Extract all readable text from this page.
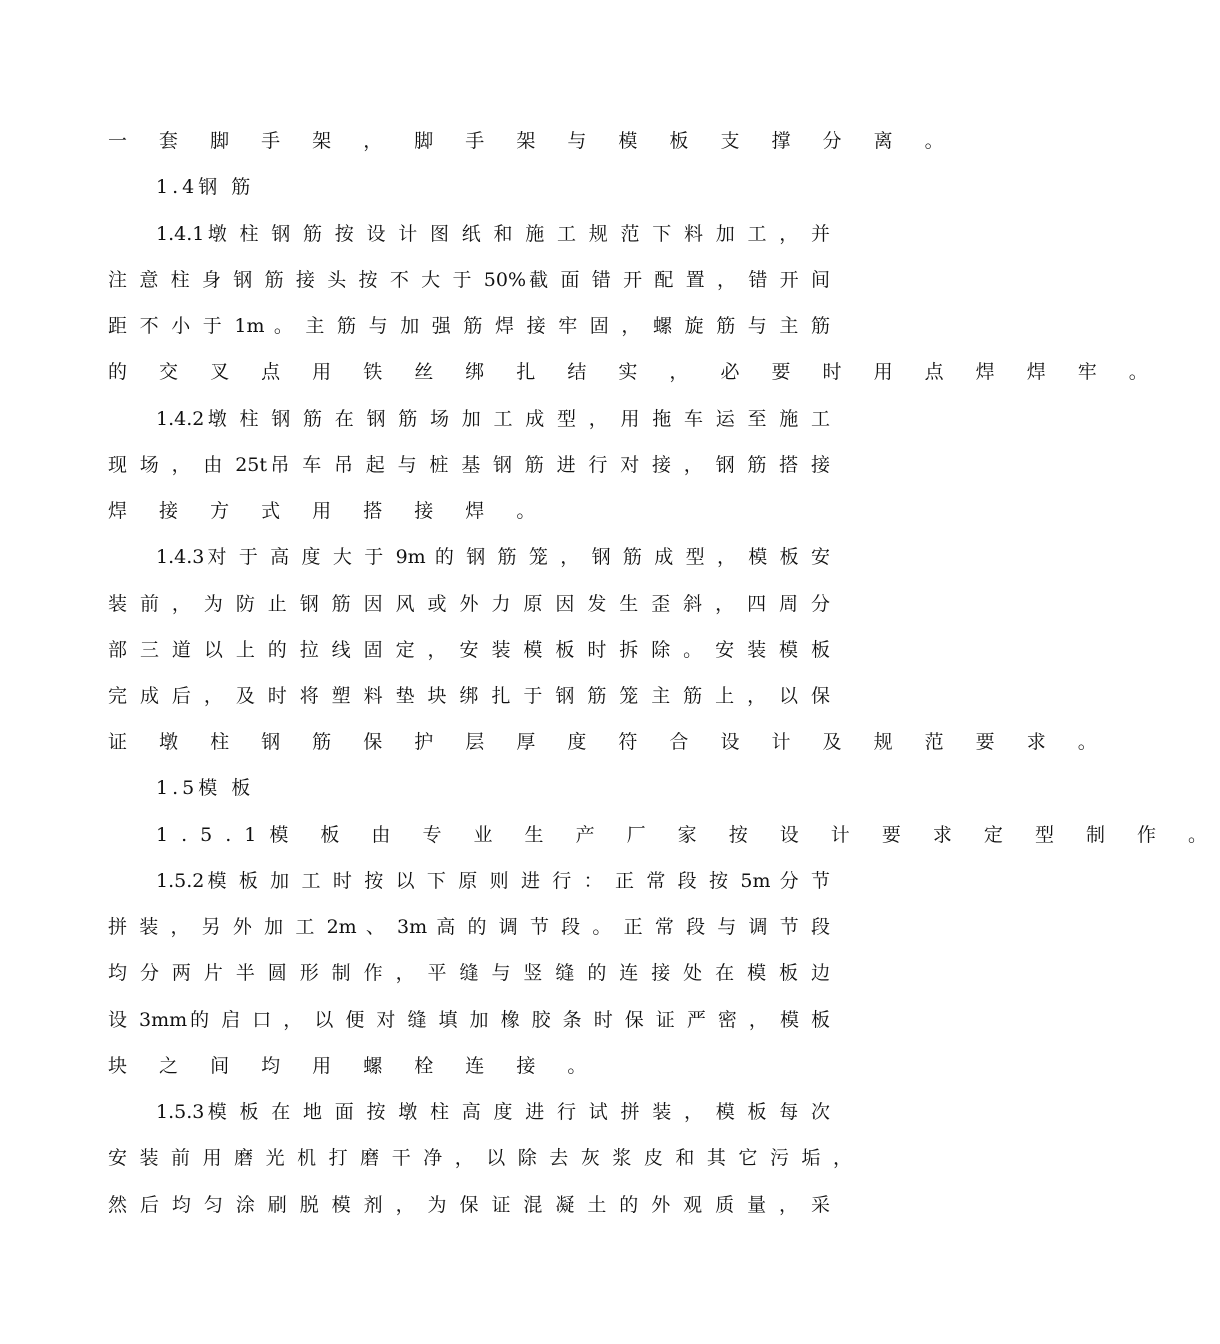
一 套 脚 手 架 ， 脚 手 架 与 模 板 支 撑 分 离 。
1.4钢 筋
1.4.1墩 柱 钢 筋 按 设 计 图 纸 和 施 工 规 范 下 料 加 工 ， 并
注 意 柱 身 钢 筋 接 头 按 不 大 于 50%截 面 错 开 配 置 ， 错 开 间
距 不 小 于 1m 。 主 筋 与 加 强 筋 焊 接 牢 固 ， 螺 旋 筋 与 主 筋
的 交 叉 点 用 铁 丝 绑 扎 结 实 ， 必 要 时 用 点 焊 焊 牢 。
1.4.2墩 柱 钢 筋 在 钢 筋 场 加 工 成 型 ， 用 拖 车 运 至 施 工
现 场 ， 由 25t吊 车 吊 起 与 桩 基 钢 筋 进 行 对 接 ， 钢 筋 搭 接
焊 接 方 式 用 搭 接 焊 。
1.4.3对 于 高 度 大 于 9m 的 钢 筋 笼 ， 钢 筋 成 型 ， 模 板 安
装 前 ， 为 防 止 钢 筋 因 风 或 外 力 原 因 发 生 歪 斜 ， 四 周 分
部 三 道 以 上 的 拉 线 固 定 ， 安 装 模 板 时 拆 除 。 安 装 模 板
完 成 后 ， 及 时 将 塑 料 垫 块 绑 扎 于 钢 筋 笼 主 筋 上 ， 以 保
证 墩 柱 钢 筋 保 护 层 厚 度 符 合 设 计 及 规 范 要 求 。
1.5模 板
1.5.1模 板 由 专 业 生 产 厂 家 按 设 计 要 求 定 型 制 作 。
1.5.2模 板 加 工 时 按 以 下 原 则 进 行 ： 正 常 段 按 5m 分 节
拼 装 ， 另 外 加 工 2m 、 3m 高 的 调 节 段 。 正 常 段 与 调 节 段
均 分 两 片 半 圆 形 制 作 ， 平 缝 与 竖 缝 的 连 接 处 在 模 板 边
设 3mm的 启 口 ， 以 便 对 缝 填 加 橡 胶 条 时 保 证 严 密 ， 模 板
块 之 间 均 用 螺 栓 连 接 。
1.5.3模 板 在 地 面 按 墩 柱 高 度 进 行 试 拼 装 ， 模 板 每 次
安 装 前 用 磨 光 机 打 磨 干 净 ， 以 除 去 灰 浆 皮 和 其 它 污 垢 ，
然 后 均 匀 涂 刷 脱 模 剂 ， 为 保 证 混 凝 土 的 外 观 质 量 ， 采
